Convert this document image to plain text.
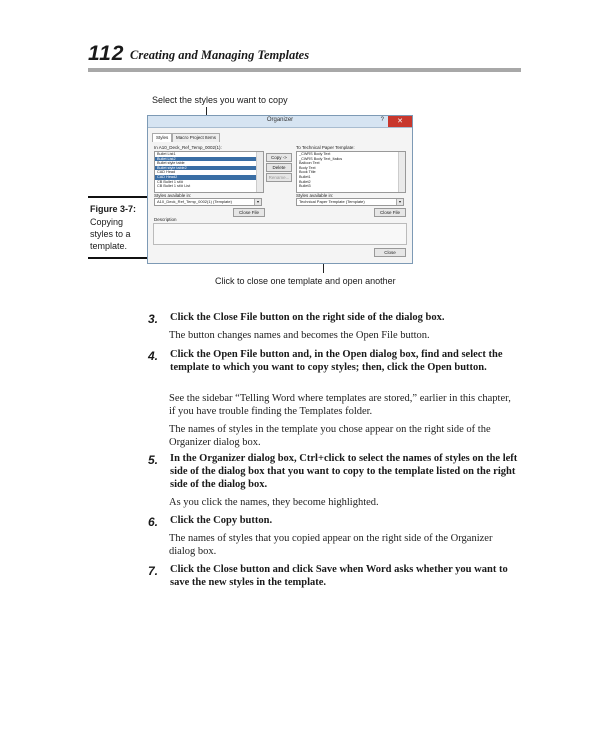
112 Creating and Managing Templates
Select the styles you want to copy
Click to close one template and open another
Figure 3-7:
Copying styles to a template.
Organizer	?	✕
Styles	Macro Project Items
In A10_Deck_Ref_Temp_0002(1):
Bullet List1
Bullet List2
Bullet style table
Bullet style table2
CAD Head
CAD Head2
CB Bullet 1 st/#
CB Bullet 1 st/# List
Copy ->
Delete
Rename...
To Technical Paper Template:
_CWRS Body Text
_CWRS Body Text_Italics
Balloon Text
Body Text
Book Title
Bullet1
Bullet2
Bullet3
Styles available in:
A10_Deck_Ref_Temp_0002(1) (Template)	▾
Styles available in:
Technical Paper Template (Template)	▾
Close File	Close File
Description
Close
3. Click the Close File button on the right side of the dialog box.
The button changes names and becomes the Open File button.
4. Click the Open File button and, in the Open dialog box, find and select the template to which you want to copy styles; then, click the Open button.
See the sidebar “Telling Word where templates are stored,” earlier in this chapter, if you have trouble finding the Templates folder.
The names of styles in the template you chose appear on the right side of the Organizer dialog box.
5. In the Organizer dialog box, Ctrl+click to select the names of styles on the left side of the dialog box that you want to copy to the template listed on the right side of the dialog box.
As you click the names, they become highlighted.
6. Click the Copy button.
The names of styles that you copied appear on the right side of the Organizer dialog box.
7. Click the Close button and click Save when Word asks whether you want to save the new styles in the template.
